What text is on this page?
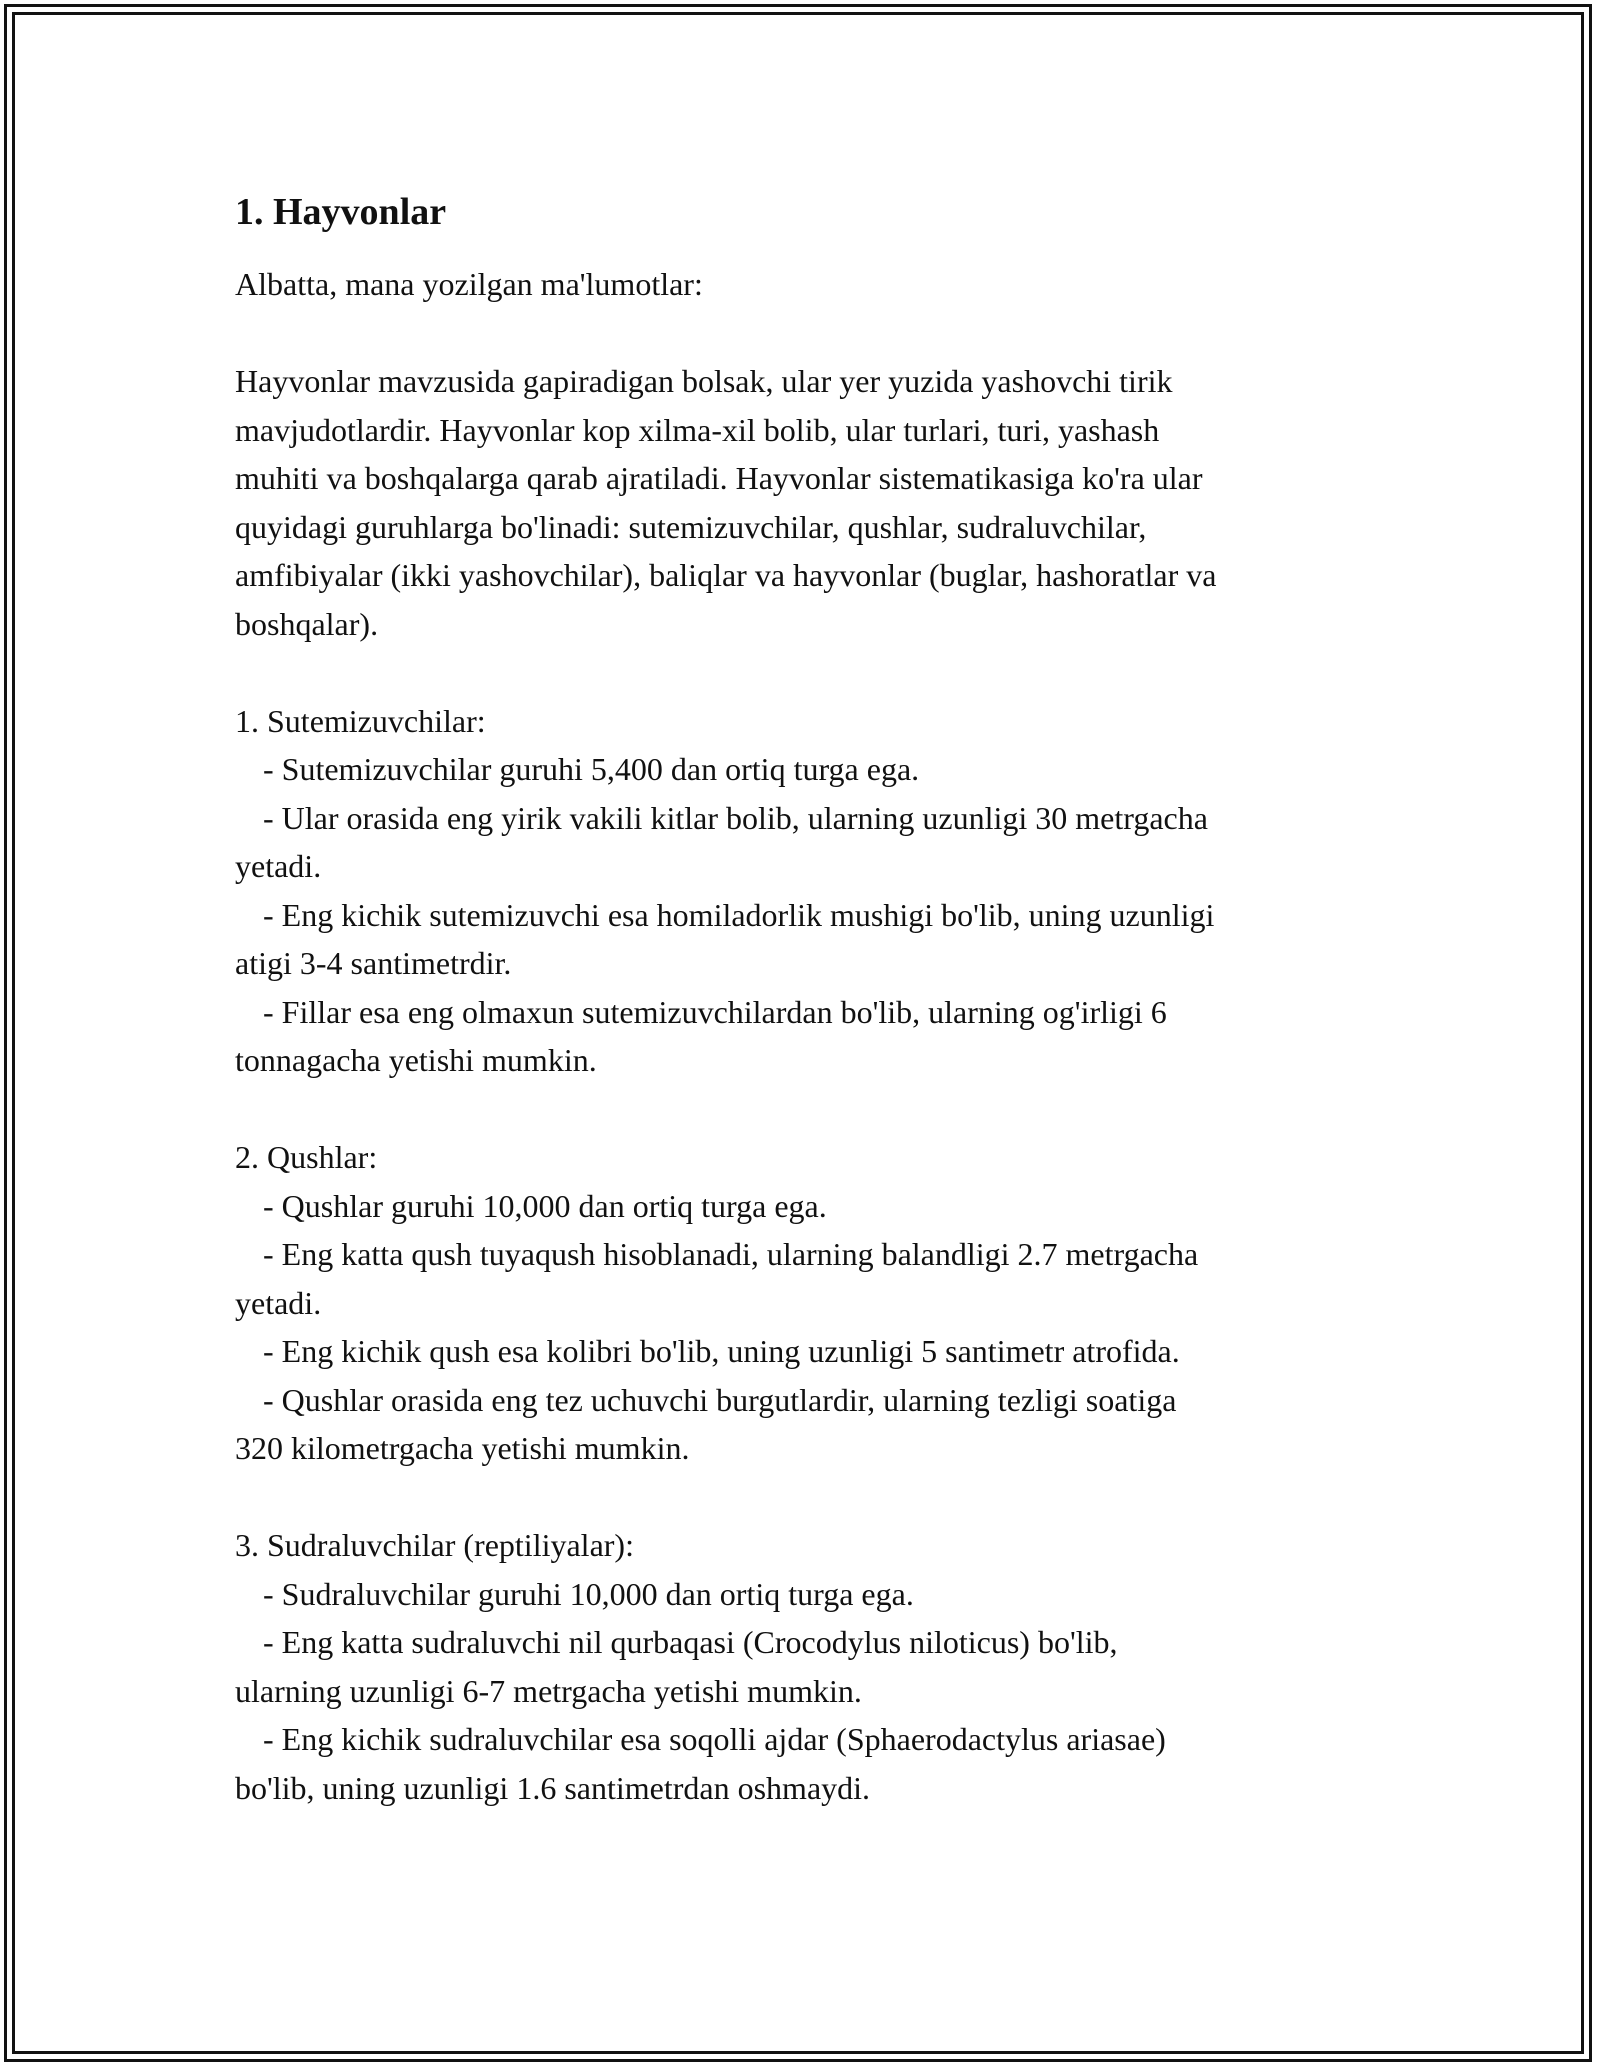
1. Hayvonlar

Albatta, mana yozilgan ma'lumotlar:

Hayvonlar mavzusida gapiradigan bolsak, ular yer yuzida yashovchi tirik

mavjudotlardir. Hayvonlar kop xilma-xil bolib, ular turlari, turi, yashash

muhiti va boshqalarga qarab ajratiladi. Hayvonlar sistematikasiga ko'ra ular

quyidagi guruhlarga bo'linadi: sutemizuvchilar, qushlar, sudraluvchilar,

amfibiyalar (ikki yashovchilar), baliqlar va hayvonlar (buglar, hashoratlar va

boshqalar).

1. Sutemizuvchilar:

- Sutemizuvchilar guruhi 5,400 dan ortiq turga ega.

- Ular orasida eng yirik vakili kitlar bolib, ularning uzunligi 30 metrgacha

yetadi.

- Eng kichik sutemizuvchi esa homiladorlik mushigi bo'lib, uning uzunligi

atigi 3-4 santimetrdir.

- Fillar esa eng olmaxun sutemizuvchilardan bo'lib, ularning og'irligi 6

tonnagacha yetishi mumkin.

2. Qushlar:

- Qushlar guruhi 10,000 dan ortiq turga ega.

- Eng katta qush tuyaqush hisoblanadi, ularning balandligi 2.7 metrgacha

yetadi.

- Eng kichik qush esa kolibri bo'lib, uning uzunligi 5 santimetr atrofida.

- Qushlar orasida eng tez uchuvchi burgutlardir, ularning tezligi soatiga

320 kilometrgacha yetishi mumkin.

3. Sudraluvchilar (reptiliyalar):

- Sudraluvchilar guruhi 10,000 dan ortiq turga ega.

- Eng katta sudraluvchi nil qurbaqasi (Crocodylus niloticus) bo'lib,

ularning uzunligi 6-7 metrgacha yetishi mumkin.

- Eng kichik sudraluvchilar esa soqolli ajdar (Sphaerodactylus ariasae)

bo'lib, uning uzunligi 1.6 santimetrdan oshmaydi.
